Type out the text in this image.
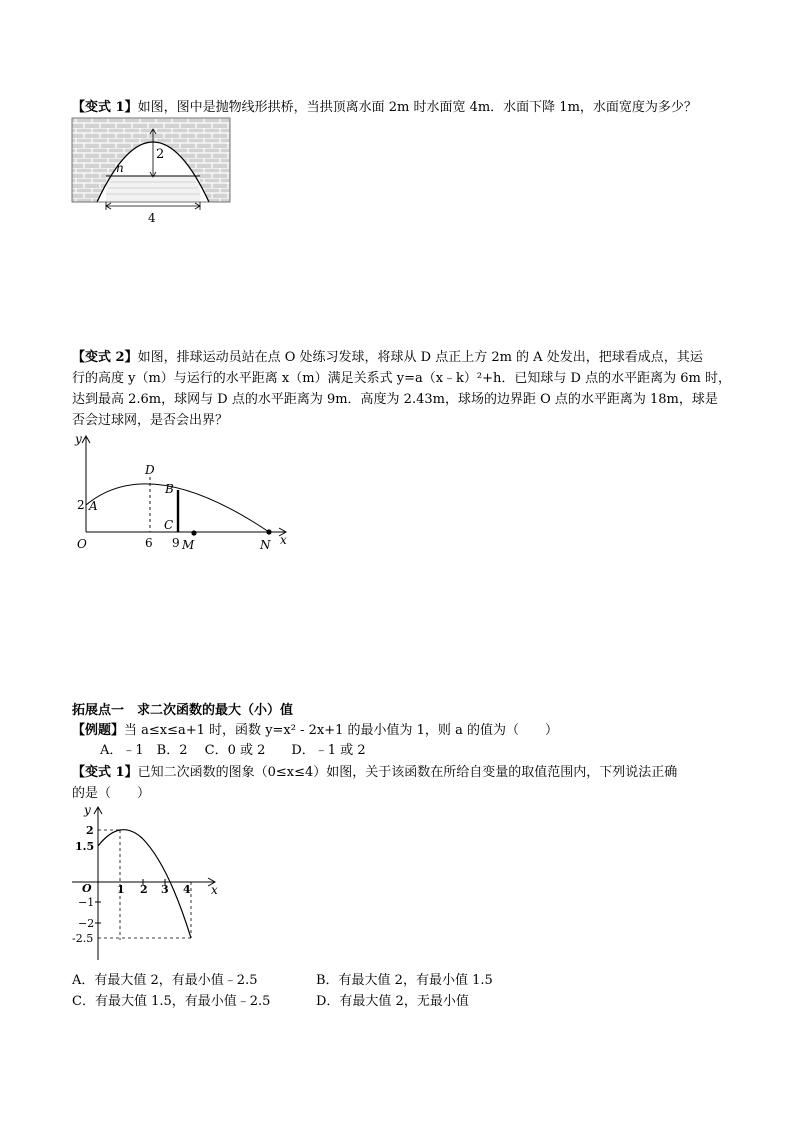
【变式 1】如图，图中是抛物线形拱桥，当拱顶离水面 2m 时水面宽 4m．水面下降 1m，水面宽度为多少？
2
n
4
【变式 2】如图，排球运动员站在点 O 处练习发球，将球从 D 点正上方 2m 的 A 处发出，把球看成点，其运
行的高度 y（m）与运行的水平距离 x（m）满足关系式 y=a（x﹣k）²+h．已知球与 D 点的水平距离为 6m 时，
达到最高 2.6m，球网与 D 点的水平距离为 9m．高度为 2.43m，球场的边界距 O 点的水平距离为 18m，球是
否会过球网，是否会出界？
y
x
O
2 A
D
B
C
6 9 M	N
拓展点一　求二次函数的最大（小）值
【例题】当 a≤x≤a+1 时，函数 y=x² - 2x+1 的最小值为 1，则 a 的值为（　　）
A．﹣1　B．2　 C．0 或 2　　D．﹣1 或 2
【变式 1】已知二次函数的图象（0≤x≤4）如图，关于该函数在所给自变量的取值范围内，下列说法正确
的是（　　）
y
x
O 1 2 3 4
2
1.5
−1
−2
-2.5
A．有最大值 2，有最小值﹣2.5	B．有最大值 2，有最小值 1.5
C．有最大值 1.5，有最小值﹣2.5	D．有最大值 2，无最小值
